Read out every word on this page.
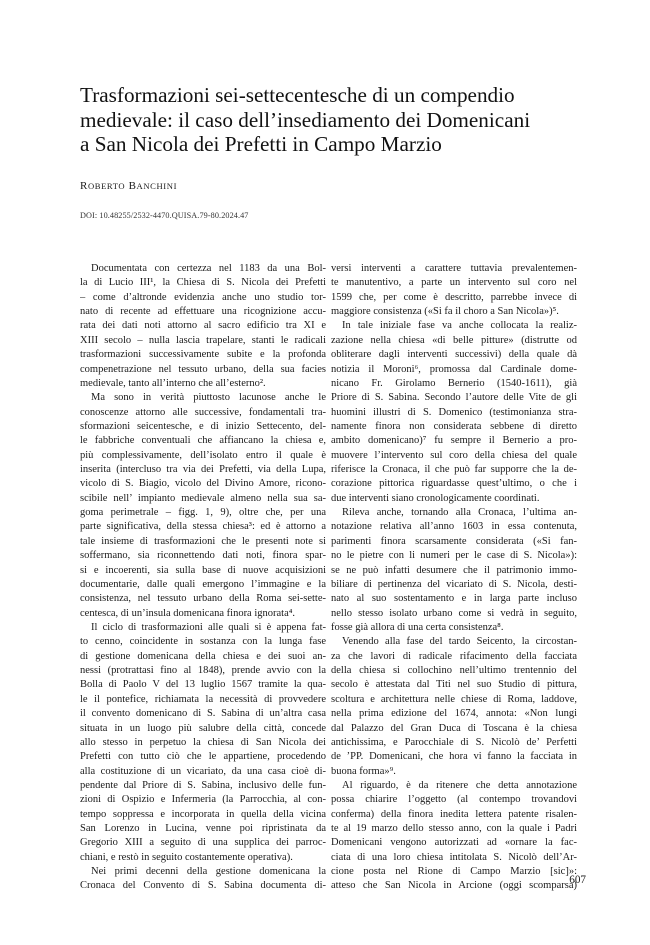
Trasformazioni sei-settecentesche di un compendio
medievale: il caso dell’insediamento dei Domenicani
a San Nicola dei Prefetti in Campo Marzio
ROBERTO BANCHINI
DOI: 10.48255/2532-4470.QUISA.79-80.2024.47
Documentata con certezza nel 1183 da una Bol-
la di Lucio III¹, la Chiesa di S. Nicola dei Prefetti
– come d’altronde evidenzia anche uno studio tor-
nato di recente ad effettuare una ricognizione accu-
rata dei dati noti attorno al sacro edificio tra XI e
XIII secolo – nulla lascia trapelare, stanti le radicali
trasformazioni successivamente subite e la profonda
compenetrazione nel tessuto urbano, della sua facies
medievale, tanto all’interno che all’esterno².
Ma sono in verità piuttosto lacunose anche le
conoscenze attorno alle successive, fondamentali tra-
sformazioni seicentesche, e di inizio Settecento, del-
le fabbriche conventuali che affiancano la chiesa e,
più complessivamente, dell’isolato entro il quale è
inserita (intercluso tra via dei Prefetti, via della Lupa,
vicolo di S. Biagio, vicolo del Divino Amore, ricono-
scibile nell’ impianto medievale almeno nella sua sa-
goma perimetrale – figg. 1, 9), oltre che, per una
parte significativa, della stessa chiesa³: ed è attorno a
tale insieme di trasformazioni che le presenti note si
soffermano, sia riconnettendo dati noti, finora spar-
si e incoerenti, sia sulla base di nuove acquisizioni
documentarie, dalle quali emergono l’immagine e la
consistenza, nel tessuto urbano della Roma sei-sette-
centesca, di un’insula domenicana finora ignorata⁴.
Il ciclo di trasformazioni alle quali si è appena fat-
to cenno, coincidente in sostanza con la lunga fase
di gestione domenicana della chiesa e dei suoi an-
nessi (protrattasi fino al 1848), prende avvio con la
Bolla di Paolo V del 13 luglio 1567 tramite la qua-
le il pontefice, richiamata la necessità di provvedere
il convento domenicano di S. Sabina di un’altra casa
situata in un luogo più salubre della città, concede
allo stesso in perpetuo la chiesa di San Nicola dei
Prefetti con tutto ciò che le appartiene, procedendo
alla costituzione di un vicariato, da una casa cioè di-
pendente dal Priore di S. Sabina, inclusivo delle fun-
zioni di Ospizio e Infermeria (la Parrocchia, al con-
tempo soppressa e incorporata in quella della vicina
San Lorenzo in Lucina, venne poi ripristinata da
Gregorio XIII a seguito di una supplica dei parroc-
chiani, e restò in seguito costantemente operativa).
Nei primi decenni della gestione domenicana la
Cronaca del Convento di S. Sabina documenta di-
versi interventi a carattere tuttavia prevalentemen-
te manutentivo, a parte un intervento sul coro nel
1599 che, per come è descritto, parrebbe invece di
maggiore consistenza («Si fa il choro a San Nicola»)⁵.
In tale iniziale fase va anche collocata la realiz-
zazione nella chiesa «di belle pitture» (distrutte od
obliterare dagli interventi successivi) della quale dà
notizia il Moroni⁶, promossa dal Cardinale dome-
nicano Fr. Girolamo Bernerio (1540-1611), già
Priore di S. Sabina. Secondo l’autore delle Vite de gli
huomini illustri di S. Domenico (testimonianza stra-
namente finora non considerata sebbene di diretto
ambito domenicano)⁷ fu sempre il Bernerio a pro-
muovere l’intervento sul coro della chiesa del quale
riferisce la Cronaca, il che può far supporre che la de-
corazione pittorica riguardasse quest’ultimo, o che i
due interventi siano cronologicamente coordinati.
Rileva anche, tornando alla Cronaca, l’ultima an-
notazione relativa all’anno 1603 in essa contenuta,
parimenti finora scarsamente considerata («Si fan-
no le pietre con li numeri per le case di S. Nicola»):
se ne può infatti desumere che il patrimonio immo-
biliare di pertinenza del vicariato di S. Nicola, desti-
nato al suo sostentamento e in larga parte incluso
nello stesso isolato urbano come si vedrà in seguito,
fosse già allora di una certa consistenza⁸.
Venendo alla fase del tardo Seicento, la circostan-
za che lavori di radicale rifacimento della facciata
della chiesa si collochino nell’ultimo trentennio del
secolo è attestata dal Titi nel suo Studio di pittura,
scoltura e architettura nelle chiese di Roma, laddove,
nella prima edizione del 1674, annota: «Non lungi
dal Palazzo del Gran Duca di Toscana è la chiesa
antichissima, e Parocchiale di S. Nicolò de’ Perfetti
de ’PP. Domenicani, che hora vi fanno la facciata in
buona forma»⁹.
Al riguardo, è da ritenere che detta annotazione
possa chiarire l’oggetto (al contempo trovandovi
conferma) della finora inedita lettera patente risalen-
te al 19 marzo dello stesso anno, con la quale i Padri
Domenicani vengono autorizzati ad «ornare la fac-
ciata di una loro chiesa intitolata S. Nicolò dell’Ar-
cione posta nel Rione di Campo Marzio [sic]»:
atteso che San Nicola in Arcione (oggi scomparsa)
607
